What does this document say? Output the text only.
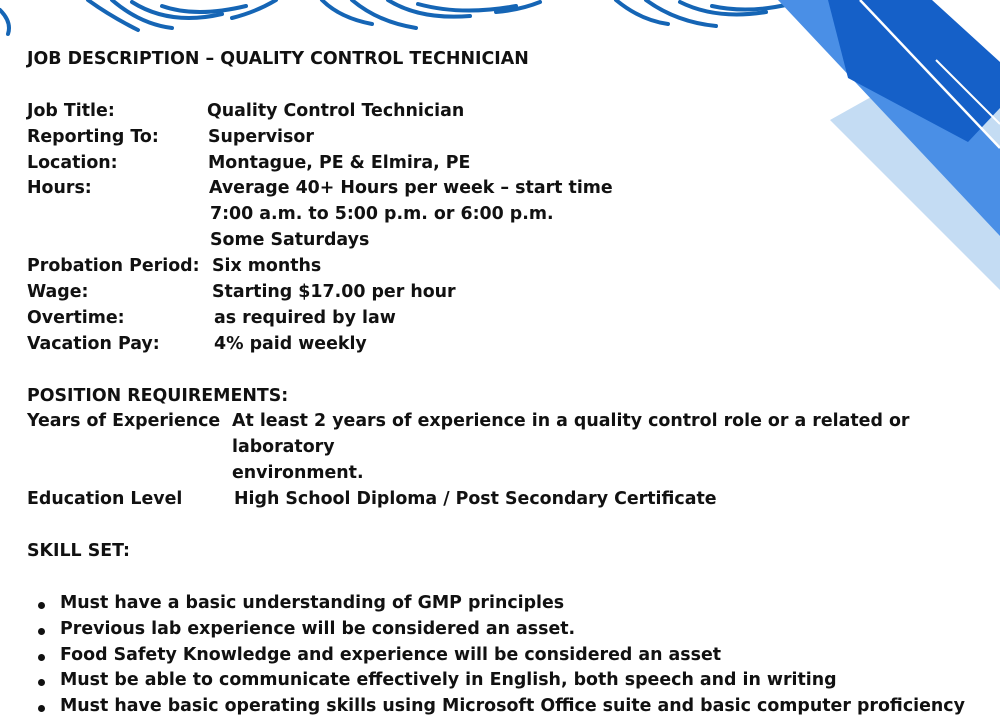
JOB DESCRIPTION – QUALITY CONTROL TECHNICIAN
Job Title:	Quality Control Technician
Reporting To:	Supervisor
Location:	Montague, PE & Elmira, PE
Hours:	Average 40+ Hours per week – start time
7:00 a.m. to 5:00 p.m. or 6:00 p.m.
Some Saturdays
Probation Period: Six months
Wage:	Starting $17.00 per hour
Overtime:	as required by law
Vacation Pay:	4% paid weekly
POSITION REQUIREMENTS:
Years of Experience At least 2 years of experience in a quality control role or a related or laboratory
environment.
Education Level	High School Diploma / Post Secondary Certificate
SKILL SET:
Must have a basic understanding of GMP principles
Previous lab experience will be considered an asset.
Food Safety Knowledge and experience will be considered an asset
Must be able to communicate effectively in English, both speech and in writing
Must have basic operating skills using Microsoft Office suite and basic computer proficiency
